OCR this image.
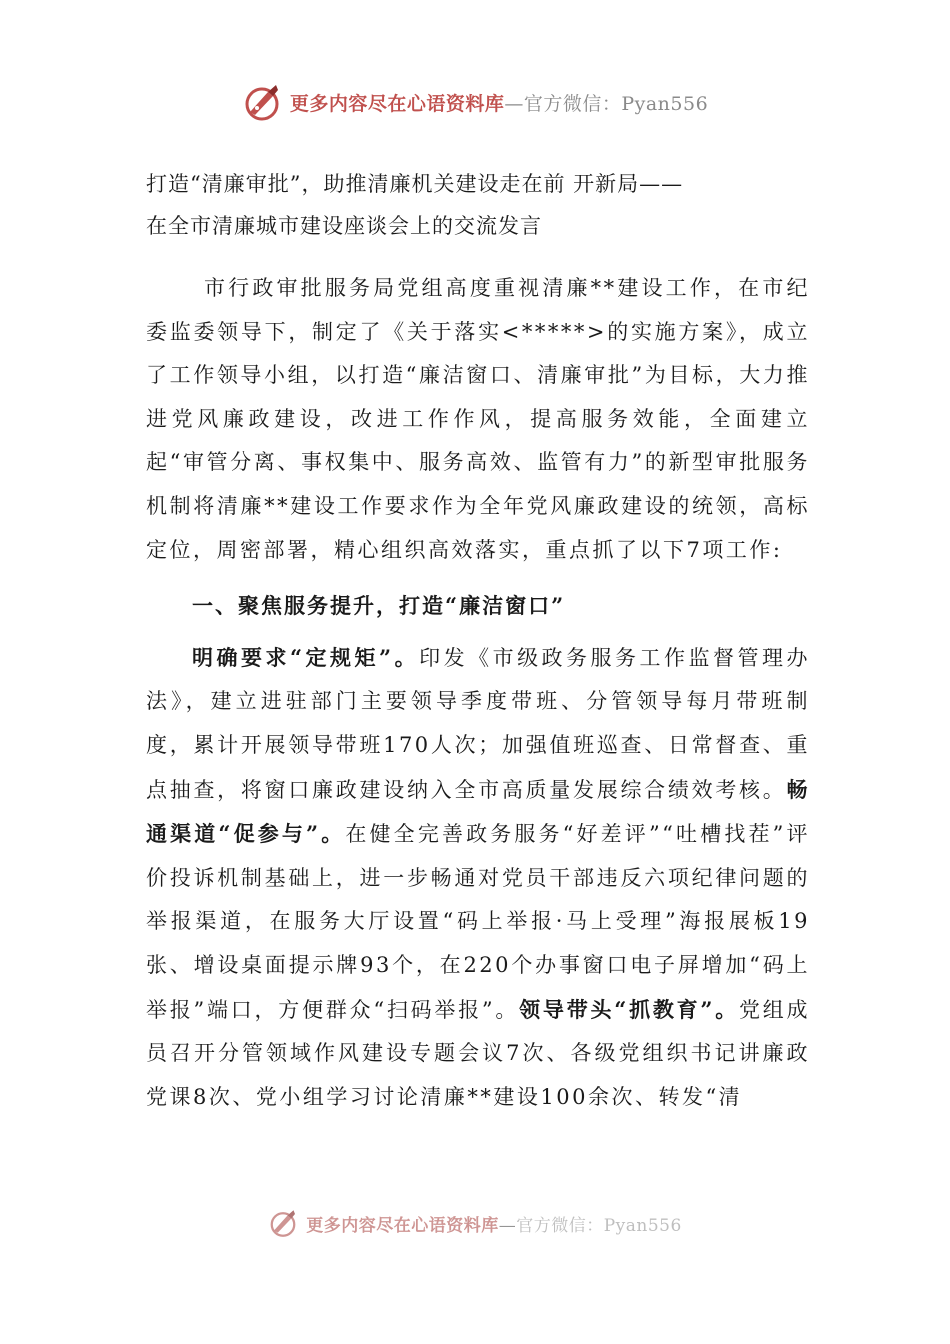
更多内容尽在心语资料库—官方微信：Pyan556
打造“清廉审批”，助推清廉机关建设走在前 开新局——
在全市清廉城市建设座谈会上的交流发言

市行政审批服务局党组高度重视清廉**建设工作，在市纪委监委领导下，制定了《关于落实<*****>的实施方案》，成立了工作领导小组，以打造“廉洁窗口、清廉审批”为目标，大力推进党风廉政建设，改进工作作风，提高服务效能，全面建立起“审管分离、事权集中、服务高效、监管有力”的新型审批服务机制将清廉**建设工作要求作为全年党风廉政建设的统领，高标定位，周密部署，精心组织高效落实，重点抓了以下7项工作:

一、聚焦服务提升，打造“廉洁窗口”

明确要求“定规矩”。印发《市级政务服务工作监督管理办法》，建立进驻部门主要领导季度带班、分管领导每月带班制度，累计开展领导带班170人次；加强值班巡查、日常督查、重点抽查，将窗口廉政建设纳入全市高质量发展综合绩效考核。畅通渠道“促参与”。在健全完善政务服务“好差评”“吐槽找茬”评价投诉机制基础上，进一步畅通对党员干部违反六项纪律问题的举报渠道，在服务大厅设置“码上举报·马上受理”海报展板19张、增设桌面提示牌93个，在220个办事窗口电子屏增加“码上举报”端口，方便群众“扫码举报”。领导带头“抓教育”。党组成员召开分管领域作风建设专题会议7次、各级党组织书记讲廉政党课8次、党小组学习讨论清廉**建设100余次、转发“清

更多内容尽在心语资料库—官方微信：Pyan556
